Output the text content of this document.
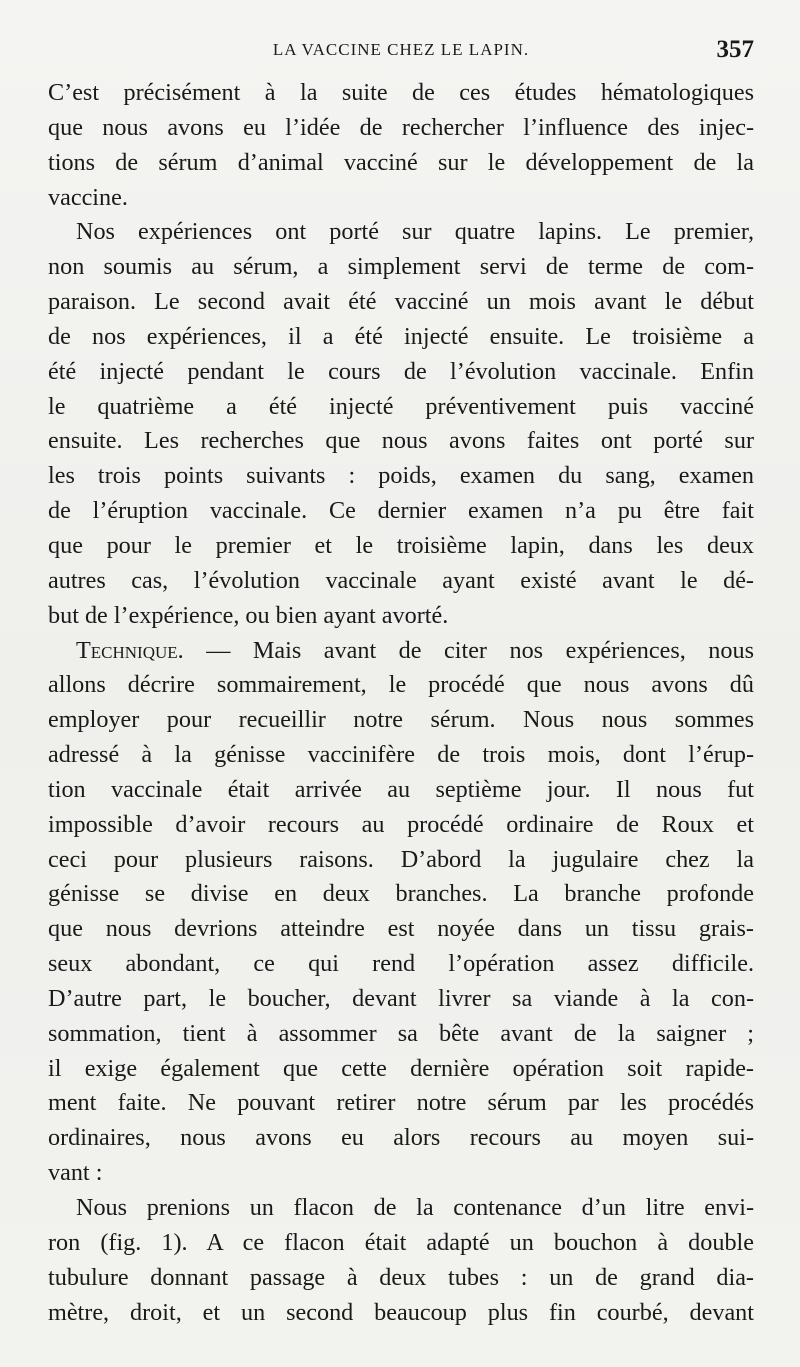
LA VACCINE CHEZ LE LAPIN.	357
C’est précisément à la suite de ces études hématologiques
que nous avons eu l’idée de rechercher l’influence des injec-
tions de sérum d’animal vacciné sur le développement de la
vaccine.
Nos expériences ont porté sur quatre lapins. Le premier,
non soumis au sérum, a simplement servi de terme de com-
paraison. Le second avait été vacciné un mois avant le début
de nos expériences, il a été injecté ensuite. Le troisième a
été injecté pendant le cours de l’évolution vaccinale. Enfin
le quatrième a été injecté préventivement puis vacciné
ensuite. Les recherches que nous avons faites ont porté sur
les trois points suivants : poids, examen du sang, examen
de l’éruption vaccinale. Ce dernier examen n’a pu être fait
que pour le premier et le troisième lapin, dans les deux
autres cas, l’évolution vaccinale ayant existé avant le dé-
but de l’expérience, ou bien ayant avorté.
Technique. — Mais avant de citer nos expériences, nous
allons décrire sommairement, le procédé que nous avons dû
employer pour recueillir notre sérum. Nous nous sommes
adressé à la génisse vaccinifère de trois mois, dont l’érup-
tion vaccinale était arrivée au septième jour. Il nous fut
impossible d’avoir recours au procédé ordinaire de Roux et
ceci pour plusieurs raisons. D’abord la jugulaire chez la
génisse se divise en deux branches. La branche profonde
que nous devrions atteindre est noyée dans un tissu grais-
seux abondant, ce qui rend l’opération assez difficile.
D’autre part, le boucher, devant livrer sa viande à la con-
sommation, tient à assommer sa bête avant de la saigner ;
il exige également que cette dernière opération soit rapide-
ment faite. Ne pouvant retirer notre sérum par les procédés
ordinaires, nous avons eu alors recours au moyen sui-
vant :
Nous prenions un flacon de la contenance d’un litre envi-
ron (fig. 1). A ce flacon était adapté un bouchon à double
tubulure donnant passage à deux tubes : un de grand dia-
mètre, droit, et un second beaucoup plus fin courbé, devant
